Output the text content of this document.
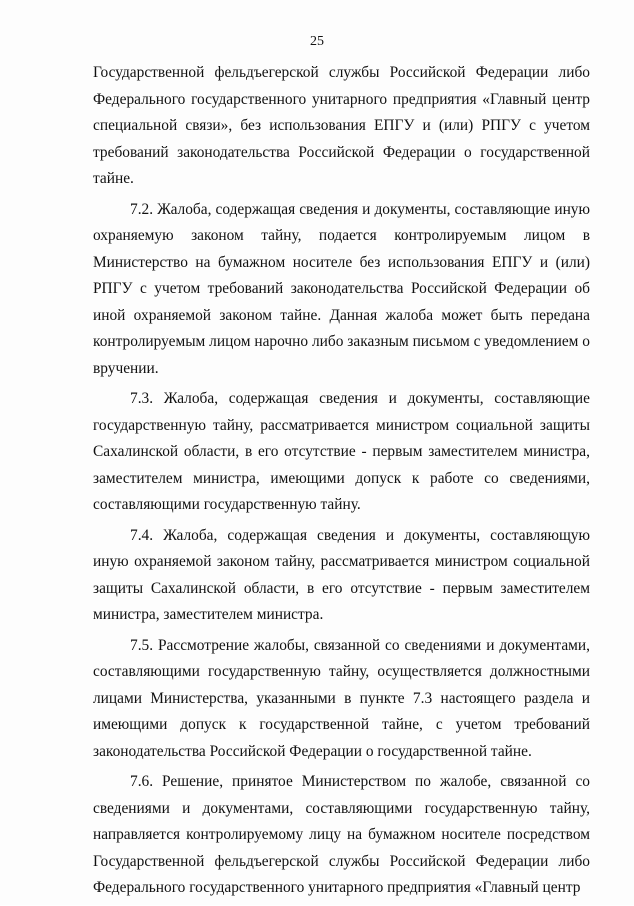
25

Государственной фельдъегерской службы Российской Федерации либо Федерального государственного унитарного предприятия «Главный центр специальной связи», без использования ЕПГУ и (или) РПГУ с учетом требований законодательства Российской Федерации о государственной тайне.

7.2. Жалоба, содержащая сведения и документы, составляющие иную охраняемую законом тайну, подается контролируемым лицом в Министерство на бумажном носителе без использования ЕПГУ и (или) РПГУ с учетом требований законодательства Российской Федерации об иной охраняемой законом тайне. Данная жалоба может быть передана контролируемым лицом нарочно либо заказным письмом с уведомлением о вручении.

7.3. Жалоба, содержащая сведения и документы, составляющие государственную тайну, рассматривается министром социальной защиты Сахалинской области, в его отсутствие - первым заместителем министра, заместителем министра, имеющими допуск к работе со сведениями, составляющими государственную тайну.

7.4. Жалоба, содержащая сведения и документы, составляющую иную охраняемой законом тайну, рассматривается министром социальной защиты Сахалинской области, в его отсутствие - первым заместителем министра, заместителем министра.

7.5. Рассмотрение жалобы, связанной со сведениями и документами, составляющими государственную тайну, осуществляется должностными лицами Министерства, указанными в пункте 7.3 настоящего раздела и имеющими допуск к государственной тайне, с учетом требований законодательства Российской Федерации о государственной тайне.

7.6. Решение, принятое Министерством по жалобе, связанной со сведениями и документами, составляющими государственную тайну, направляется контролируемому лицу на бумажном носителе посредством Государственной фельдъегерской службы Российской Федерации либо Федерального государственного унитарного предприятия «Главный центр
